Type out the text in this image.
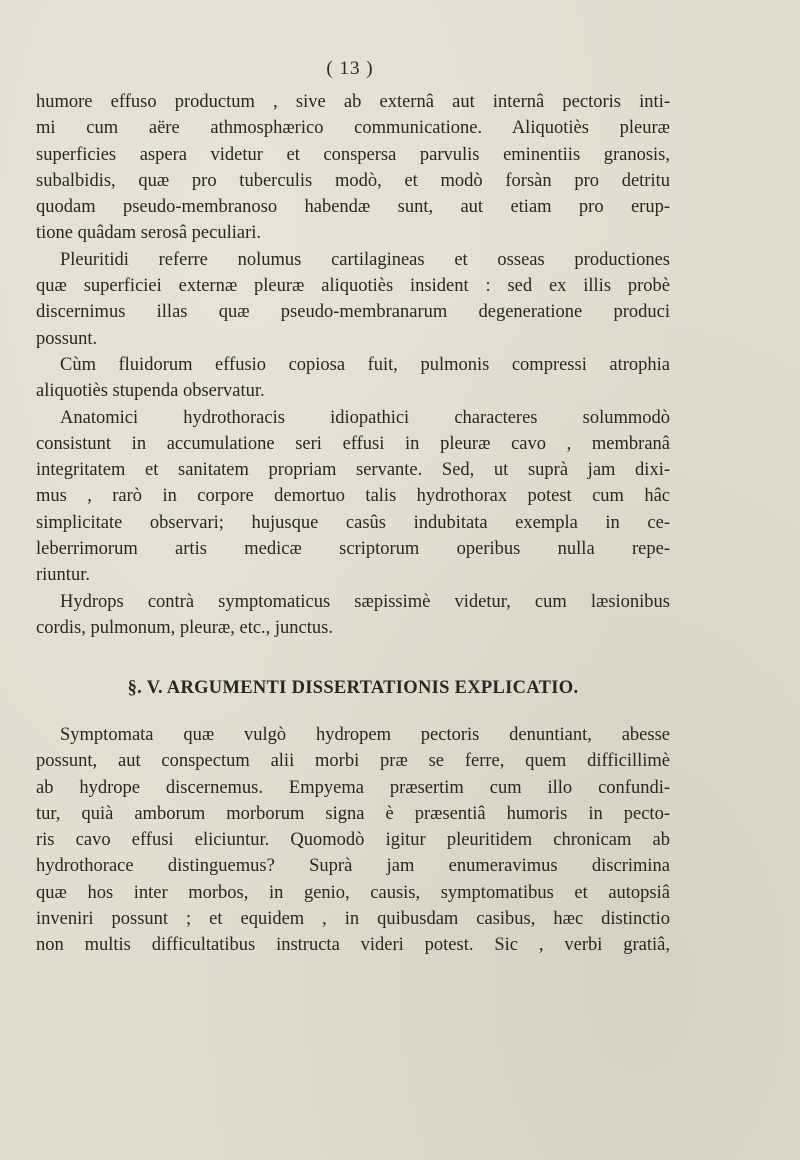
( 13 )
humore effuso productum , sive ab externâ aut internâ pectoris inti-
mi cum aëre athmosphærico communicatione. Aliquotiès pleuræ
superficies aspera videtur et conspersa parvulis eminentiis granosis,
subalbidis, quæ pro tuberculis modò, et modò forsàn pro detritu
quodam pseudo-membranoso habendæ sunt, aut etiam pro erup-
tione quâdam serosâ peculiari.
Pleuritidi referre nolumus cartilagineas et osseas productiones
quæ superficiei externæ pleuræ aliquotiès insident : sed ex illis probè
discernimus illas quæ pseudo-membranarum degeneratione produci
possunt.
Cùm fluidorum effusio copiosa fuit, pulmonis compressi atrophia
aliquotiès stupenda observatur.
Anatomici hydrothoracis idiopathici characteres solummodò
consistunt in accumulatione seri effusi in pleuræ cavo , membranâ
integritatem et sanitatem propriam servante. Sed, ut suprà jam dixi-
mus , rarò in corpore demortuo talis hydrothorax potest cum hâc
simplicitate observari; hujusque casûs indubitata exempla in ce-
leberrimorum artis medicæ scriptorum operibus nulla repe-
riuntur.
Hydrops contrà symptomaticus sæpissimè videtur, cum læsionibus
cordis, pulmonum, pleuræ, etc., junctus.
§. V. ARGUMENTI DISSERTATIONIS EXPLICATIO.
Symptomata quæ vulgò hydropem pectoris denuntiant, abesse
possunt, aut conspectum alii morbi præ se ferre, quem difficillimè
ab hydrope discernemus. Empyema præsertim cum illo confundi-
tur, quià amborum morborum signa è præsentiâ humoris in pecto-
ris cavo effusi eliciuntur. Quomodò igitur pleuritidem chronicam ab
hydrothorace distinguemus? Suprà jam enumeravimus discrimina
quæ hos inter morbos, in genio, causis, symptomatibus et autopsiâ
inveniri possunt ; et equidem , in quibusdam casibus, hæc distinctio
non multis difficultatibus instructa videri potest. Sic , verbi gratiâ,
